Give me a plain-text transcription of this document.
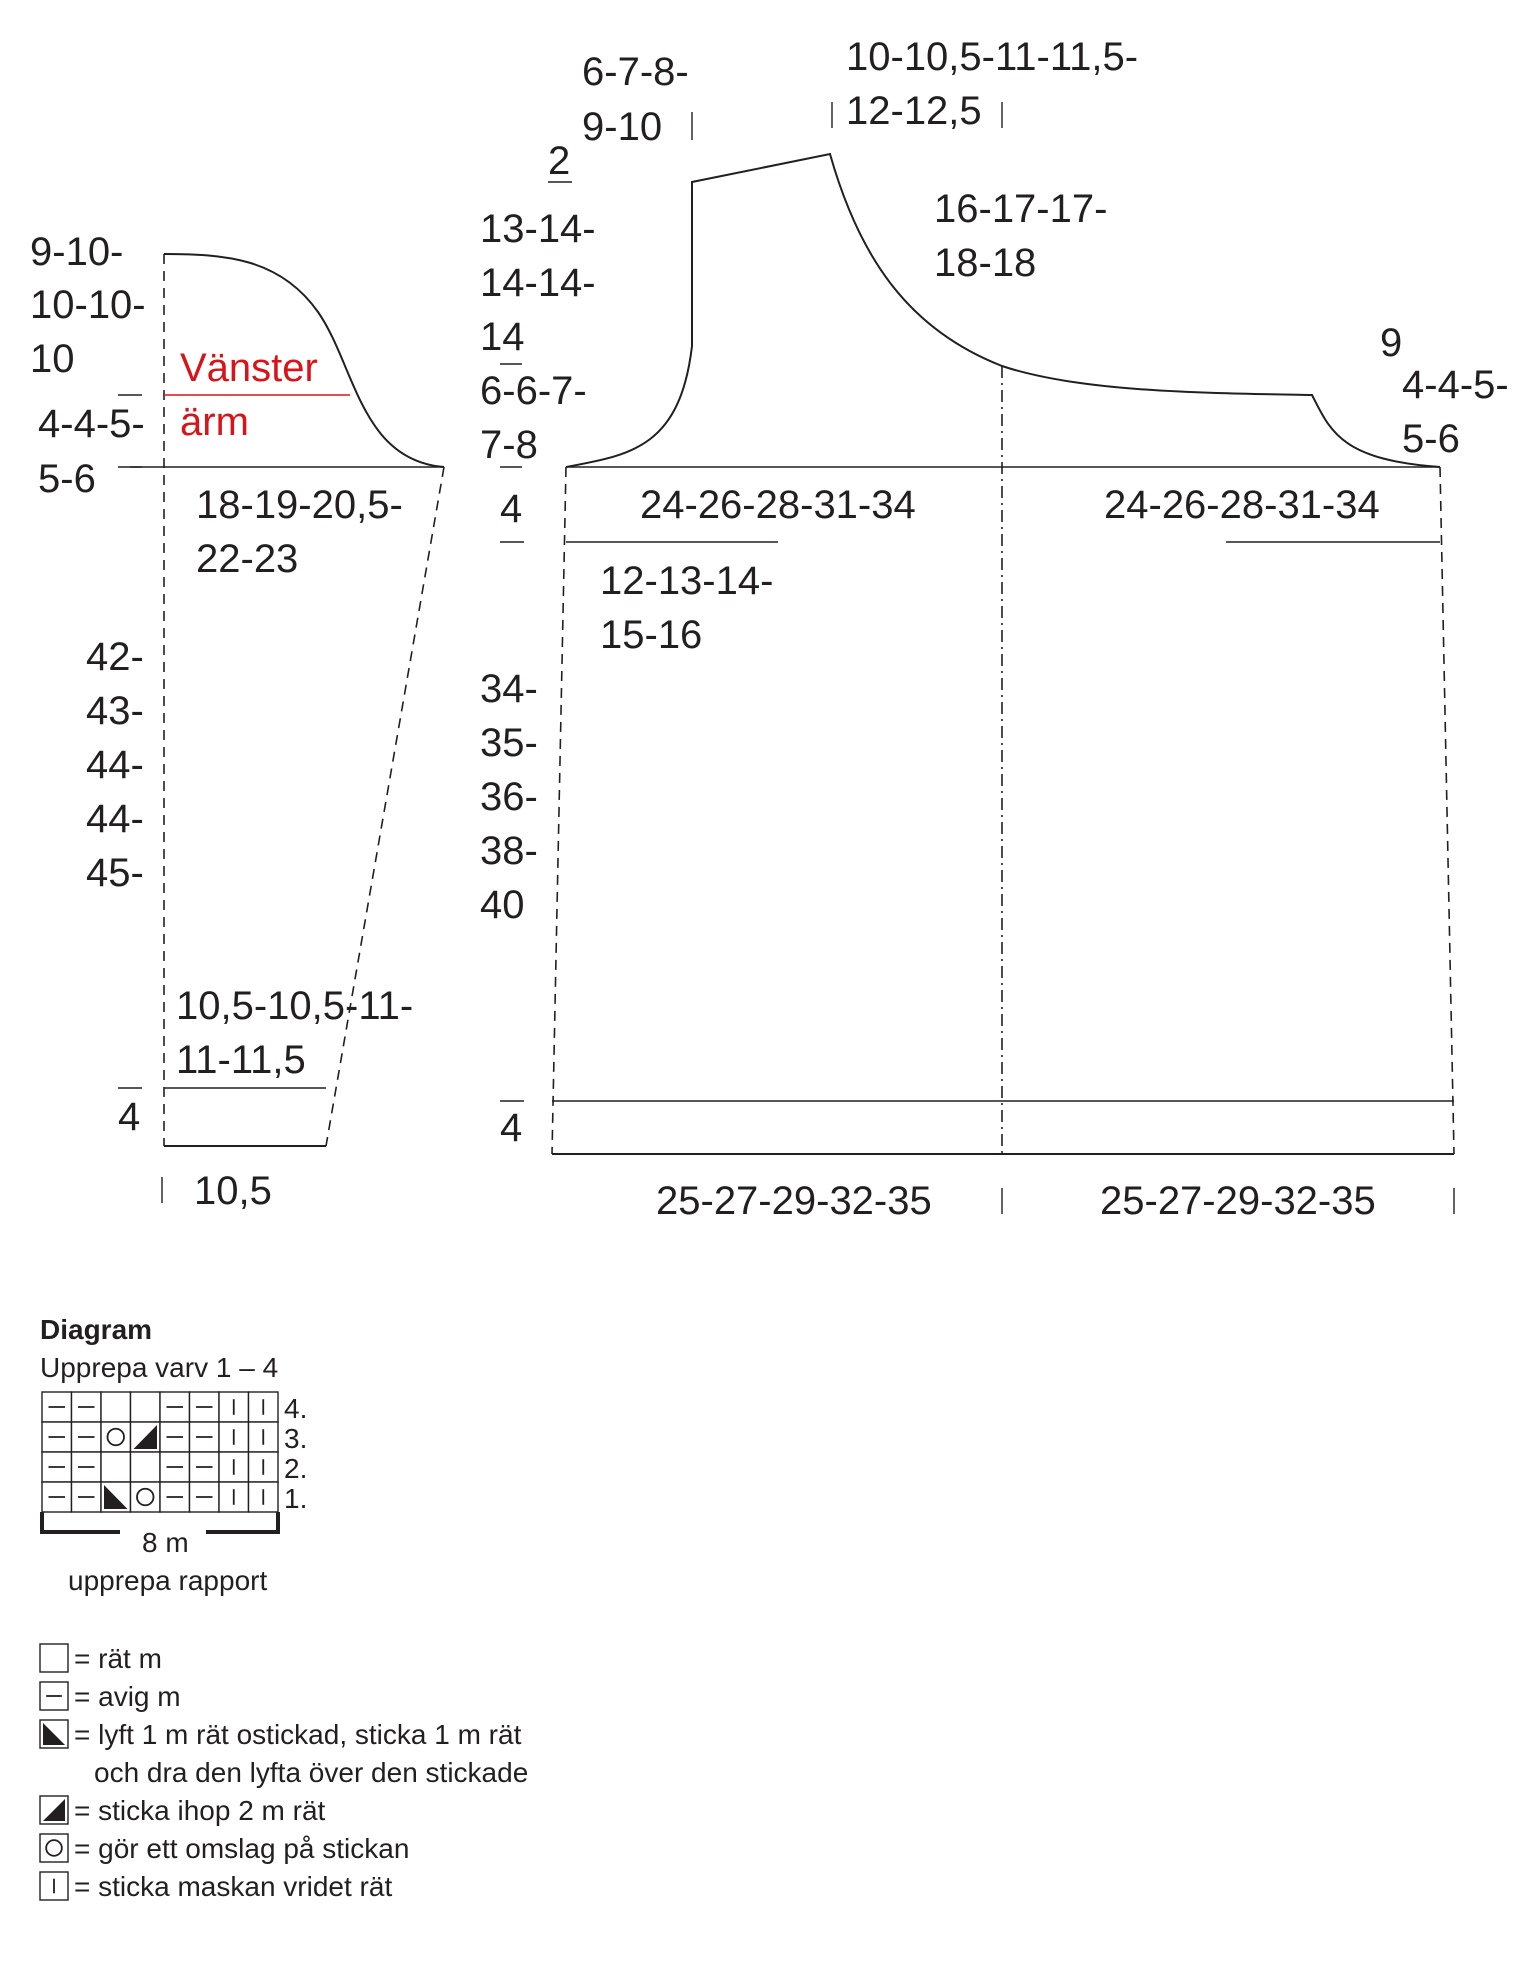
9-10- 10-10- 10	Vänster ärm
4-4-5- 5-6
18-19-20,5- 22-23
42- 43- 44- 44- 45-
10,5-10,5-11- 11-11,5
4
10,5
6-7-8- 9-10
10-10,5-11-11,5- 12-12,5
2
16-17-17- 18-18
13-14- 14-14- 14
6-6-7- 7-8
9
4-4-5- 5-6
4	24-26-28-31-34	24-26-28-31-34
12-13-14- 15-16
34- 35- 36- 38- 40
4
25-27-29-32-35	25-27-29-32-35
Diagram
Upprepa varv 1 – 4
4.
3.
2.
1.
8 m
upprepa rapport
= rät m
= avig m
= lyft 1 m rät ostickad, sticka 1 m rät
och dra den lyfta över den stickade
= sticka ihop 2 m rät
= gör ett omslag på stickan
= sticka maskan vridet rät
